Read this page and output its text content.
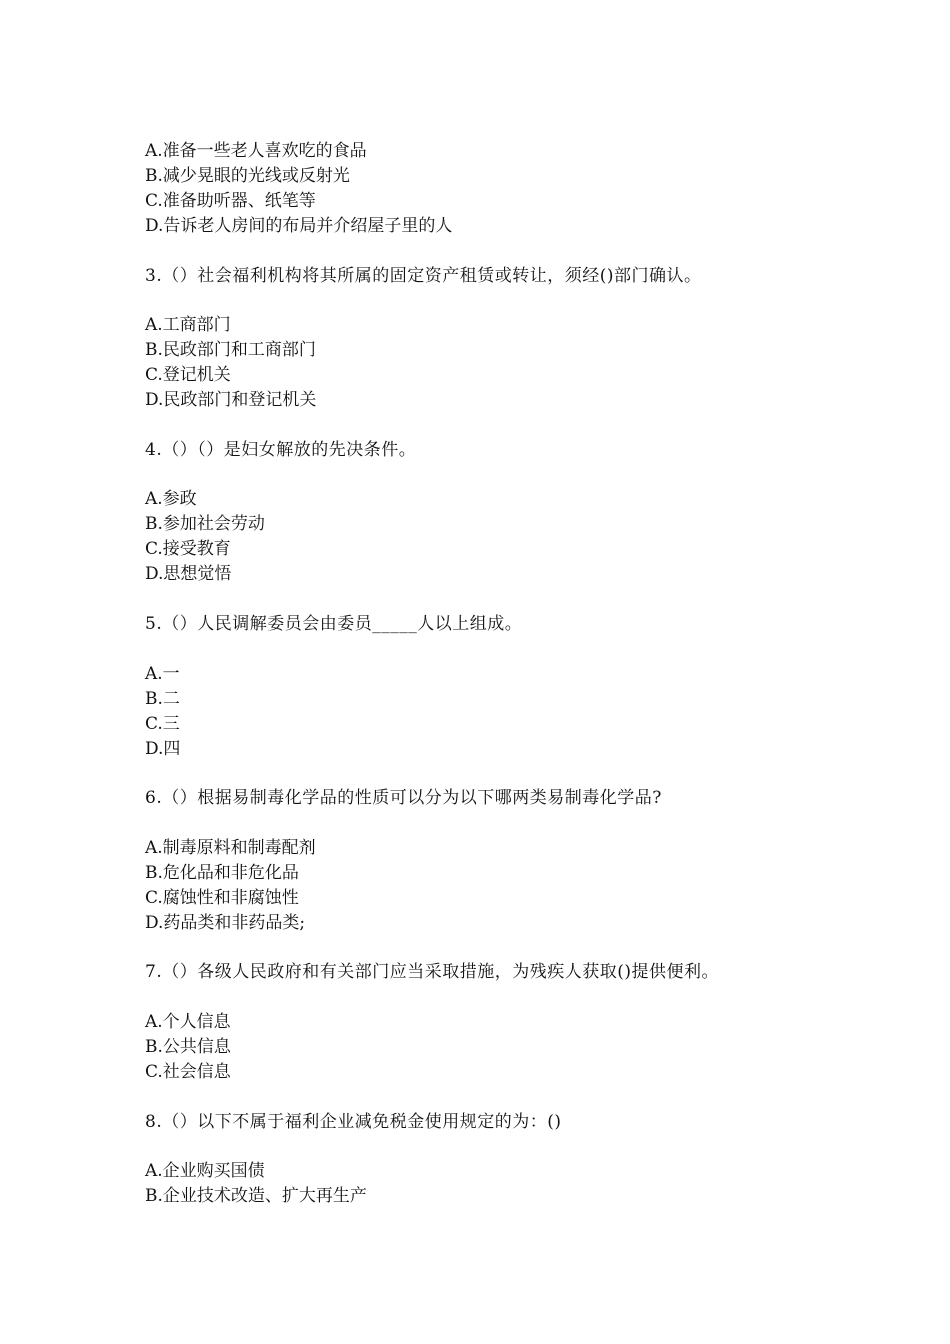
A.准备一些老人喜欢吃的食品
B.减少晃眼的光线或反射光
C.准备助听器、纸笔等
D.告诉老人房间的布局并介绍屋子里的人
3.（）社会福利机构将其所属的固定资产租赁或转让，须经()部门确认。
A.工商部门
B.民政部门和工商部门
C.登记机关
D.民政部门和登记机关
4.（）（）是妇女解放的先决条件。
A.参政
B.参加社会劳动
C.接受教育
D.思想觉悟
5.（）人民调解委员会由委员_____人以上组成。
A.一
B.二
C.三
D.四
6.（）根据易制毒化学品的性质可以分为以下哪两类易制毒化学品?
A.制毒原料和制毒配剂
B.危化品和非危化品
C.腐蚀性和非腐蚀性
D.药品类和非药品类;
7.（）各级人民政府和有关部门应当采取措施，为残疾人获取()提供便利。
A.个人信息
B.公共信息
C.社会信息
8.（）以下不属于福利企业减免税金使用规定的为：()
A.企业购买国债
B.企业技术改造、扩大再生产
